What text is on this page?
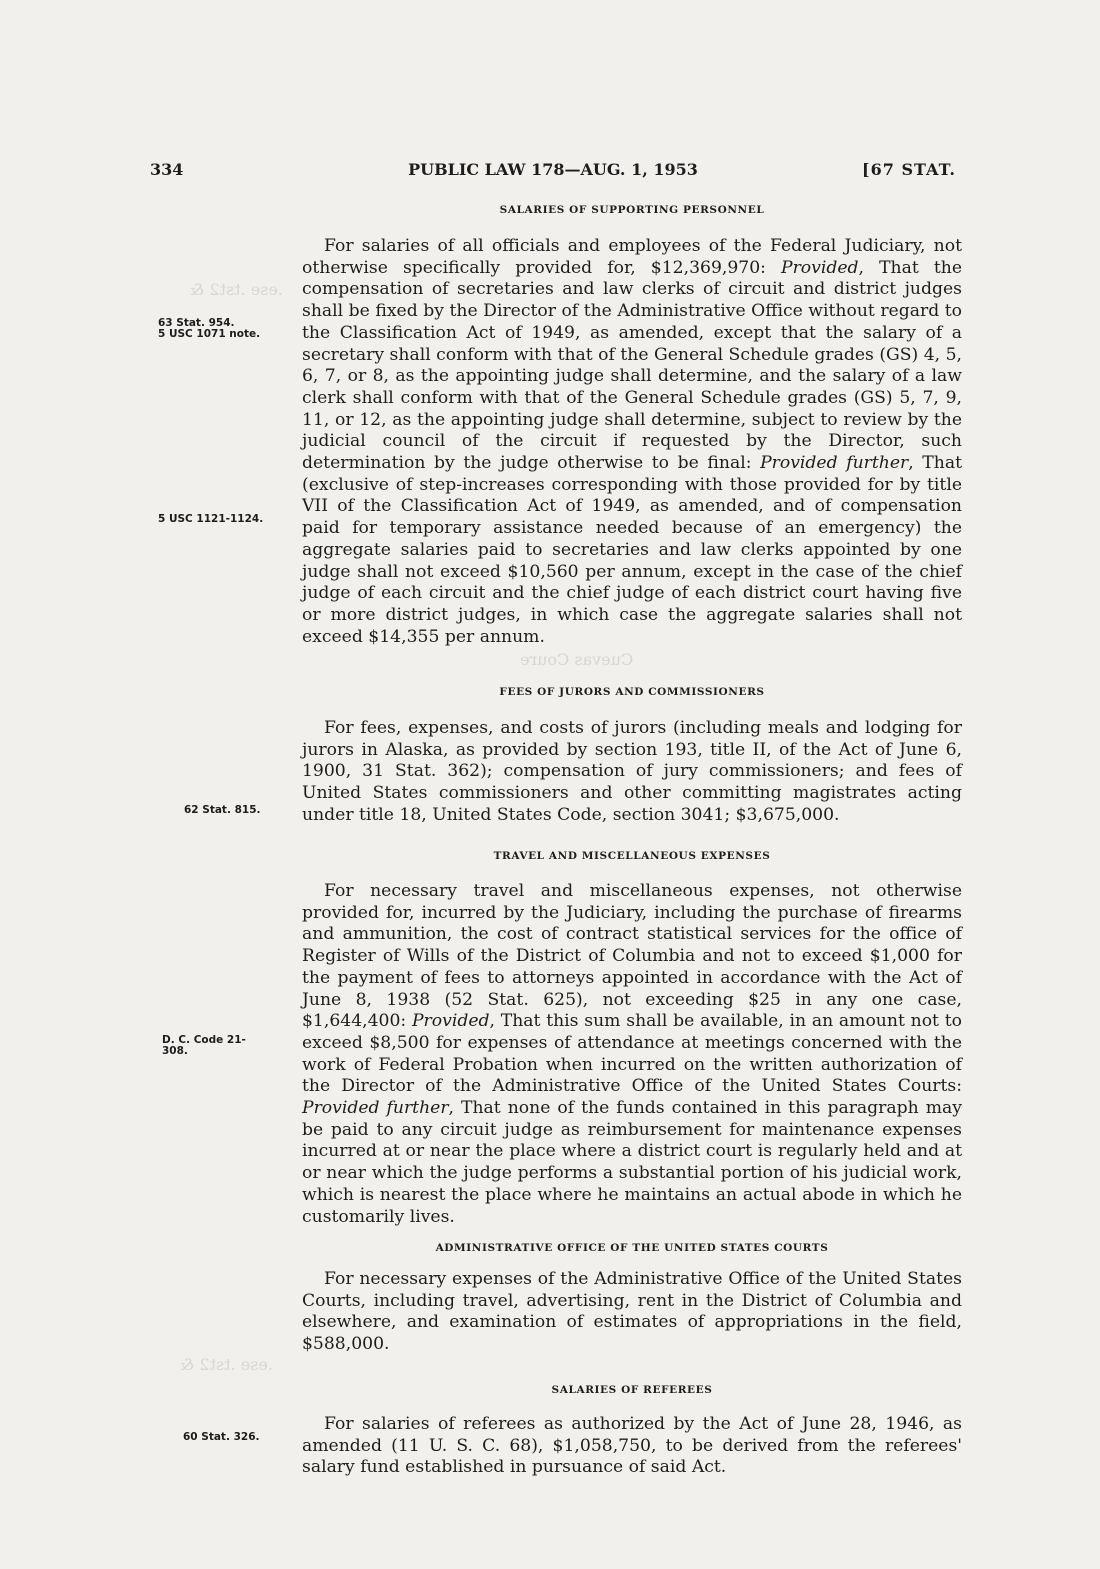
.ese .tst2 &
Cuevas Coure
.ese .tst2 &
334	PUBLIC LAW 178—AUG. 1, 1953	[67 STAT.
SALARIES OF SUPPORTING PERSONNEL

For salaries of all officials and employees of the Federal Judiciary, not otherwise specifically provided for, $12,369,970: Provided, That the compensation of secretaries and law clerks of circuit and district judges shall be fixed by the Director of the Administrative Office without regard to the Classification Act of 1949, as amended, except that the salary of a secretary shall conform with that of the General Schedule grades (GS) 4, 5, 6, 7, or 8, as the appointing judge shall determine, and the salary of a law clerk shall conform with that of the General Schedule grades (GS) 5, 7, 9, 11, or 12, as the appointing judge shall determine, subject to review by the judicial council of the circuit if requested by the Director, such determination by the judge otherwise to be final: Provided further, That (exclusive of step-increases corresponding with those provided for by title VII of the Classification Act of 1949, as amended, and of compensation paid for temporary assistance needed because of an emergency) the aggregate salaries paid to secretaries and law clerks appointed by one judge shall not exceed $10,560 per annum, except in the case of the chief judge of each circuit and the chief judge of each district court having five or more district judges, in which case the aggregate salaries shall not exceed $14,355 per annum.

FEES OF JURORS AND COMMISSIONERS

For fees, expenses, and costs of jurors (including meals and lodging for jurors in Alaska, as provided by section 193, title II, of the Act of June 6, 1900, 31 Stat. 362); compensation of jury commissioners; and fees of United States commissioners and other committing magistrates acting under title 18, United States Code, section 3041; $3,675,000.

TRAVEL AND MISCELLANEOUS EXPENSES

For necessary travel and miscellaneous expenses, not otherwise provided for, incurred by the Judiciary, including the purchase of firearms and ammunition, the cost of contract statistical services for the office of Register of Wills of the District of Columbia and not to exceed $1,000 for the payment of fees to attorneys appointed in accordance with the Act of June 8, 1938 (52 Stat. 625), not exceeding $25 in any one case, $1,644,400: Provided, That this sum shall be available, in an amount not to exceed $8,500 for expenses of attendance at meetings concerned with the work of Federal Probation when incurred on the written authorization of the Director of the Administrative Office of the United States Courts: Provided further, That none of the funds contained in this paragraph may be paid to any circuit judge as reimbursement for maintenance expenses incurred at or near the place where a district court is regularly held and at or near which the judge performs a substantial portion of his judicial work, which is nearest the place where he maintains an actual abode in which he customarily lives.

ADMINISTRATIVE OFFICE OF THE UNITED STATES COURTS

For necessary expenses of the Administrative Office of the United States Courts, including travel, advertising, rent in the District of Columbia and elsewhere, and examination of estimates of appropriations in the field, $588,000.

SALARIES OF REFEREES

For salaries of referees as authorized by the Act of June 28, 1946, as amended (11 U. S. C. 68), $1,058,750, to be derived from the referees' salary fund established in pursuance of said Act.

63 Stat. 954.
5 USC 1071 note.
5 USC 1121-1124.
62 Stat. 815.
D. C. Code 21-
308.
60 Stat. 326.
